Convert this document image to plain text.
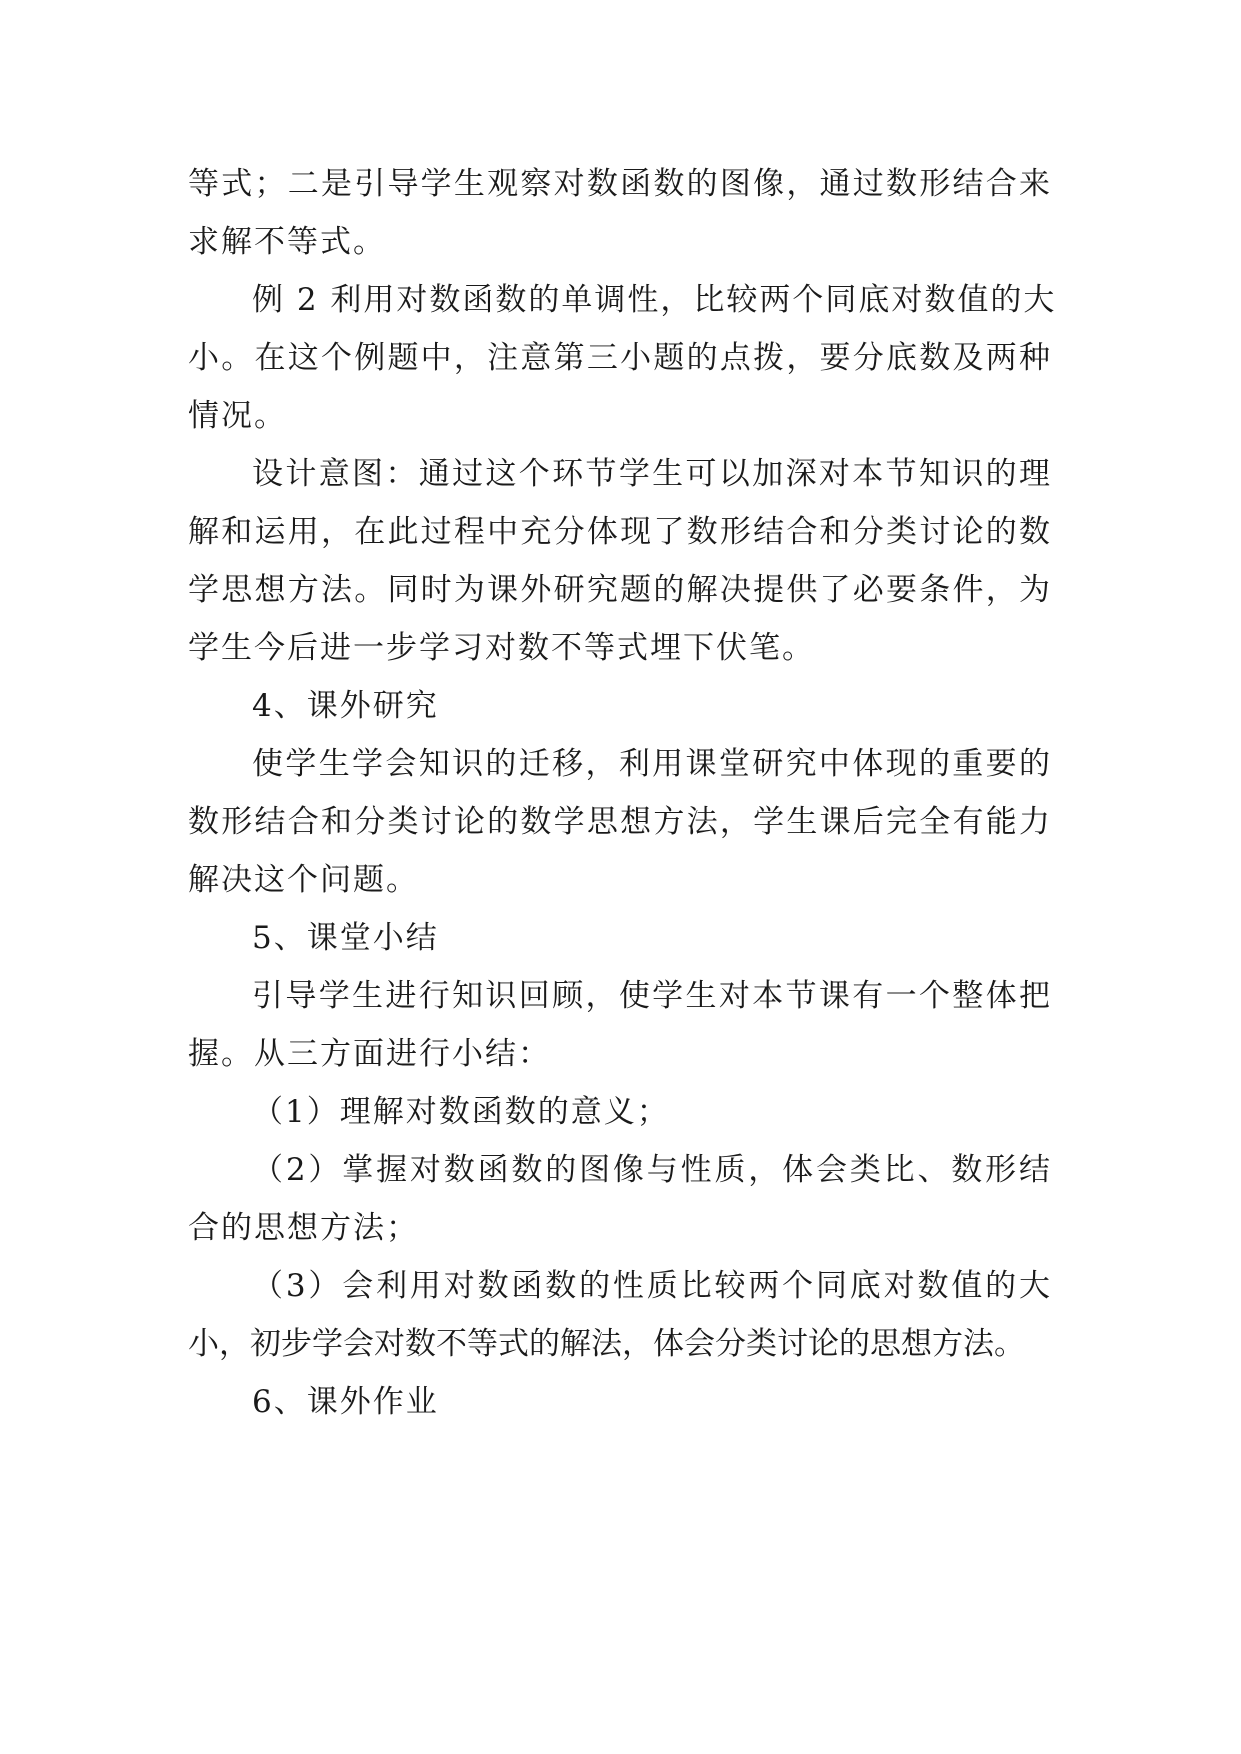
等式；二是引导学生观察对数函数的图像，通过数形结合来
求解不等式。
例 2 利用对数函数的单调性，比较两个同底对数值的大
小。在这个例题中，注意第三小题的点拨，要分底数及两种
情况。
设计意图：通过这个环节学生可以加深对本节知识的理
解和运用，在此过程中充分体现了数形结合和分类讨论的数
学思想方法。同时为课外研究题的解决提供了必要条件，为
学生今后进一步学习对数不等式埋下伏笔。
4、课外研究
使学生学会知识的迁移，利用课堂研究中体现的重要的
数形结合和分类讨论的数学思想方法，学生课后完全有能力
解决这个问题。
5、课堂小结
引导学生进行知识回顾，使学生对本节课有一个整体把
握。从三方面进行小结：
（1）理解对数函数的意义；
（2）掌握对数函数的图像与性质，体会类比、数形结
合的思想方法；
（3）会利用对数函数的性质比较两个同底对数值的大
小，初步学会对数不等式的解法，体会分类讨论的思想方法。
6、课外作业
